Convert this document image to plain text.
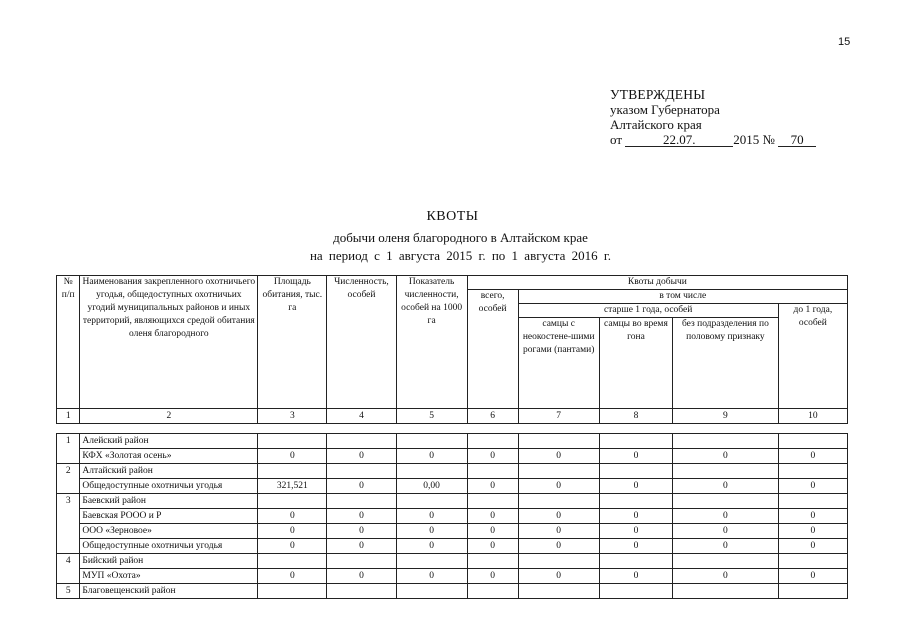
15
УТВЕРЖДЕНЫ
указом Губернатора
Алтайского края
от	22.07.	2015 № 70
КВОТЫ
добычи оленя благородного в Алтайском крае
на период с 1 августа 2015 г. по 1 августа 2016 г.
№ п/п	Наименования закрепленного охотничьего угодья, общедоступных охотничьих угодий муниципальных районов и иных территорий, являющихся средой обитания оленя благородного	Площадь обитания, тыс. га	Численность, особей	Показатель численности, особей на 1000 га	Квоты добычи				
					всего, особей	в том числе			
						старше 1 года, особей			до 1 года, особей
						самцы с неокостене-шими рогами (пантами)	самцы во время гона	без подразделения по половому признаку	
1	2	3	4	5	6	7	8	9	10

1	Алейский район								
	КФХ «Золотая осень»	0	0	0	0	0	0	0	0
2	Алтайский район								
	Общедоступные охотничьи угодья	321,521	0	0,00	0	0	0	0	0
3	Баевский район								
	Баевская РООО и Р	0	0	0	0	0	0	0	0
	ООО «Зерновое»	0	0	0	0	0	0	0	0
	Общедоступные охотничьи угодья	0	0	0	0	0	0	0	0
4	Бийский район								
	МУП «Охота»	0	0	0	0	0	0	0	0
5	Благовещенский район								
